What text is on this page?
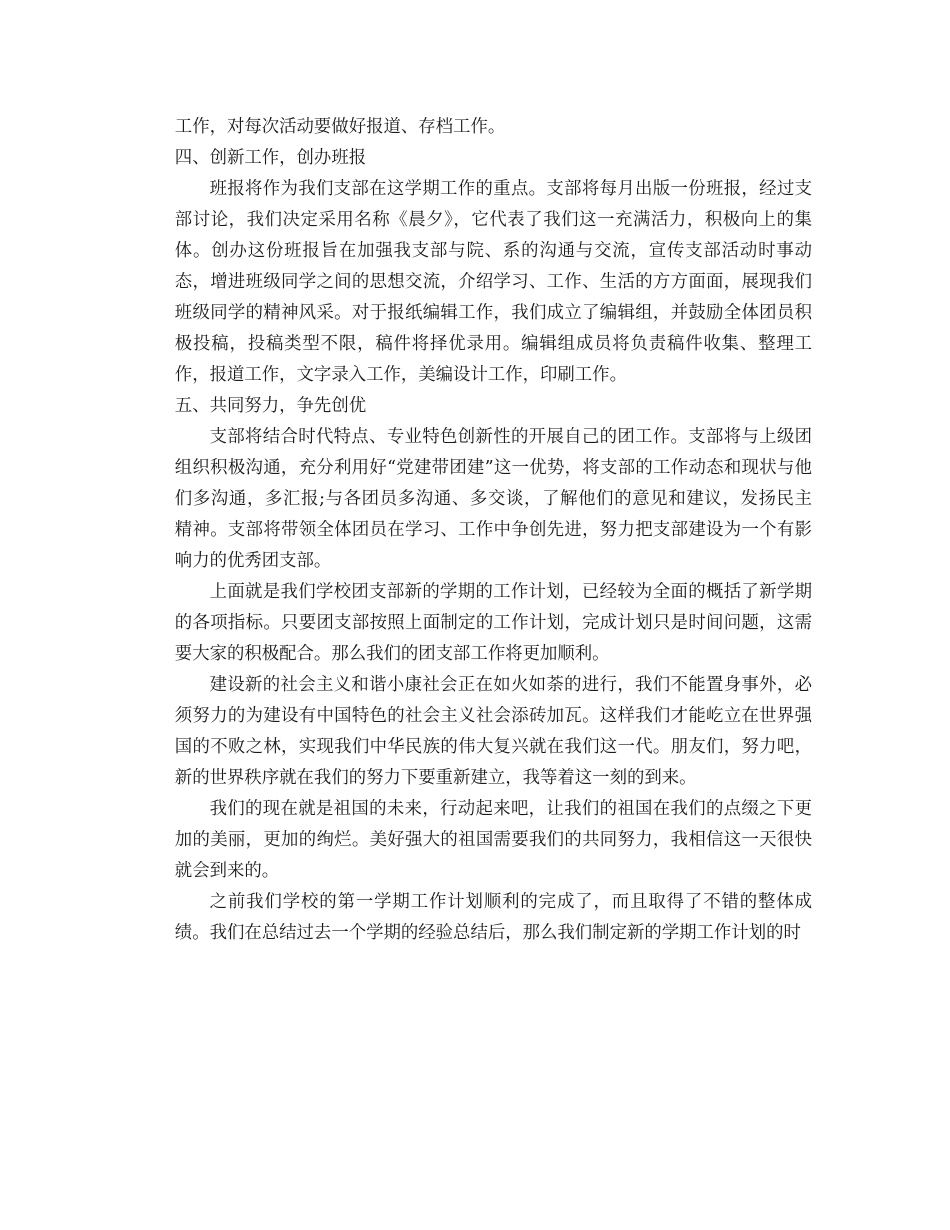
工作，对每次活动要做好报道、存档工作。
四、创新工作，创办班报
班报将作为我们支部在这学期工作的重点。支部将每月出版一份班报，经过支
部讨论，我们决定采用名称《晨夕》，它代表了我们这一充满活力，积极向上的集
体。创办这份班报旨在加强我支部与院、系的沟通与交流，宣传支部活动时事动
态，增进班级同学之间的思想交流，介绍学习、工作、生活的方方面面，展现我们
班级同学的精神风采。对于报纸编辑工作，我们成立了编辑组，并鼓励全体团员积
极投稿，投稿类型不限，稿件将择优录用。编辑组成员将负责稿件收集、整理工
作，报道工作，文字录入工作，美编设计工作，印刷工作。
五、共同努力，争先创优
支部将结合时代特点、专业特色创新性的开展自己的团工作。支部将与上级团
组织积极沟通，充分利用好“党建带团建”这一优势，将支部的工作动态和现状与他
们多沟通，多汇报;与各团员多沟通、多交谈，了解他们的意见和建议，发扬民主
精神。支部将带领全体团员在学习、工作中争创先进，努力把支部建设为一个有影
响力的优秀团支部。
上面就是我们学校团支部新的学期的工作计划，已经较为全面的概括了新学期
的各项指标。只要团支部按照上面制定的工作计划，完成计划只是时间问题，这需
要大家的积极配合。那么我们的团支部工作将更加顺利。
建设新的社会主义和谐小康社会正在如火如荼的进行，我们不能置身事外，必
须努力的为建设有中国特色的社会主义社会添砖加瓦。这样我们才能屹立在世界强
国的不败之林，实现我们中华民族的伟大复兴就在我们这一代。朋友们，努力吧，
新的世界秩序就在我们的努力下要重新建立，我等着这一刻的到来。
我们的现在就是祖国的未来，行动起来吧，让我们的祖国在我们的点缀之下更
加的美丽，更加的绚烂。美好强大的祖国需要我们的共同努力，我相信这一天很快
就会到来的。
之前我们学校的第一学期工作计划顺利的完成了，而且取得了不错的整体成
绩。我们在总结过去一个学期的经验总结后，那么我们制定新的学期工作计划的时
